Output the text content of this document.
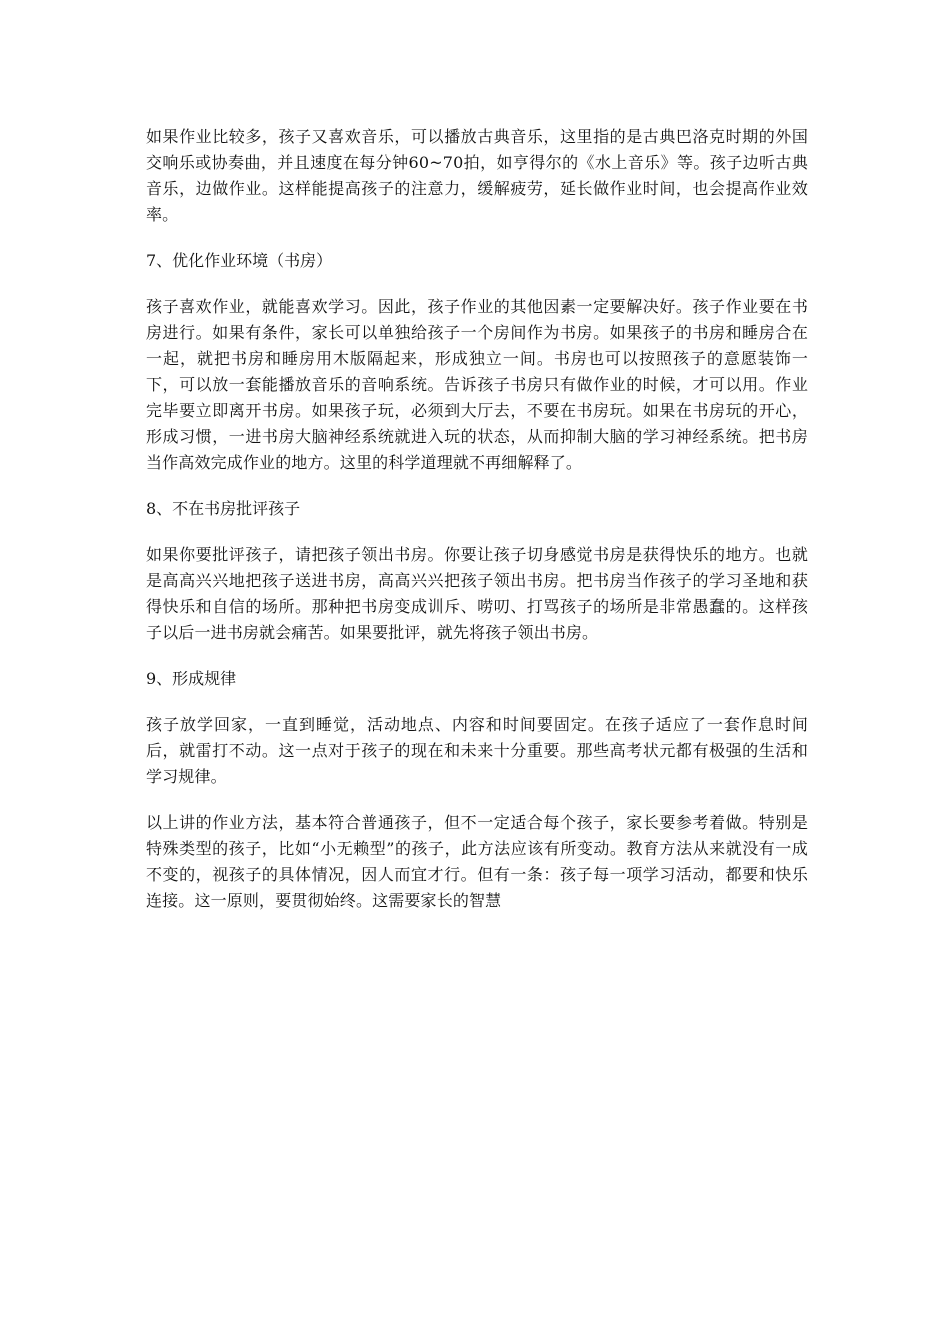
如果作业比较多，孩子又喜欢音乐，可以播放古典音乐，这里指的是古典巴洛克时期的外国交响乐或协奏曲，并且速度在每分钟60~70拍，如亨得尔的《水上音乐》等。孩子边听古典音乐，边做作业。这样能提高孩子的注意力，缓解疲劳，延长做作业时间，也会提高作业效率。

7、优化作业环境（书房）

孩子喜欢作业，就能喜欢学习。因此，孩子作业的其他因素一定要解决好。孩子作业要在书房进行。如果有条件，家长可以单独给孩子一个房间作为书房。如果孩子的书房和睡房合在一起，就把书房和睡房用木版隔起来，形成独立一间。书房也可以按照孩子的意愿装饰一下，可以放一套能播放音乐的音响系统。告诉孩子书房只有做作业的时候，才可以用。作业完毕要立即离开书房。如果孩子玩，必须到大厅去，不要在书房玩。如果在书房玩的开心，形成习惯，一进书房大脑神经系统就进入玩的状态，从而抑制大脑的学习神经系统。把书房当作高效完成作业的地方。这里的科学道理就不再细解释了。

8、不在书房批评孩子

如果你要批评孩子，请把孩子领出书房。你要让孩子切身感觉书房是获得快乐的地方。也就是高高兴兴地把孩子送进书房，高高兴兴把孩子领出书房。把书房当作孩子的学习圣地和获得快乐和自信的场所。那种把书房变成训斥、唠叨、打骂孩子的场所是非常愚蠢的。这样孩子以后一进书房就会痛苦。如果要批评，就先将孩子领出书房。

9、形成规律

孩子放学回家，一直到睡觉，活动地点、内容和时间要固定。在孩子适应了一套作息时间后，就雷打不动。这一点对于孩子的现在和未来十分重要。那些高考状元都有极强的生活和学习规律。

以上讲的作业方法，基本符合普通孩子，但不一定适合每个孩子，家长要参考着做。特别是特殊类型的孩子，比如“小无赖型”的孩子，此方法应该有所变动。教育方法从来就没有一成不变的，视孩子的具体情况，因人而宜才行。但有一条：孩子每一项学习活动，都要和快乐连接。这一原则，要贯彻始终。这需要家长的智慧
